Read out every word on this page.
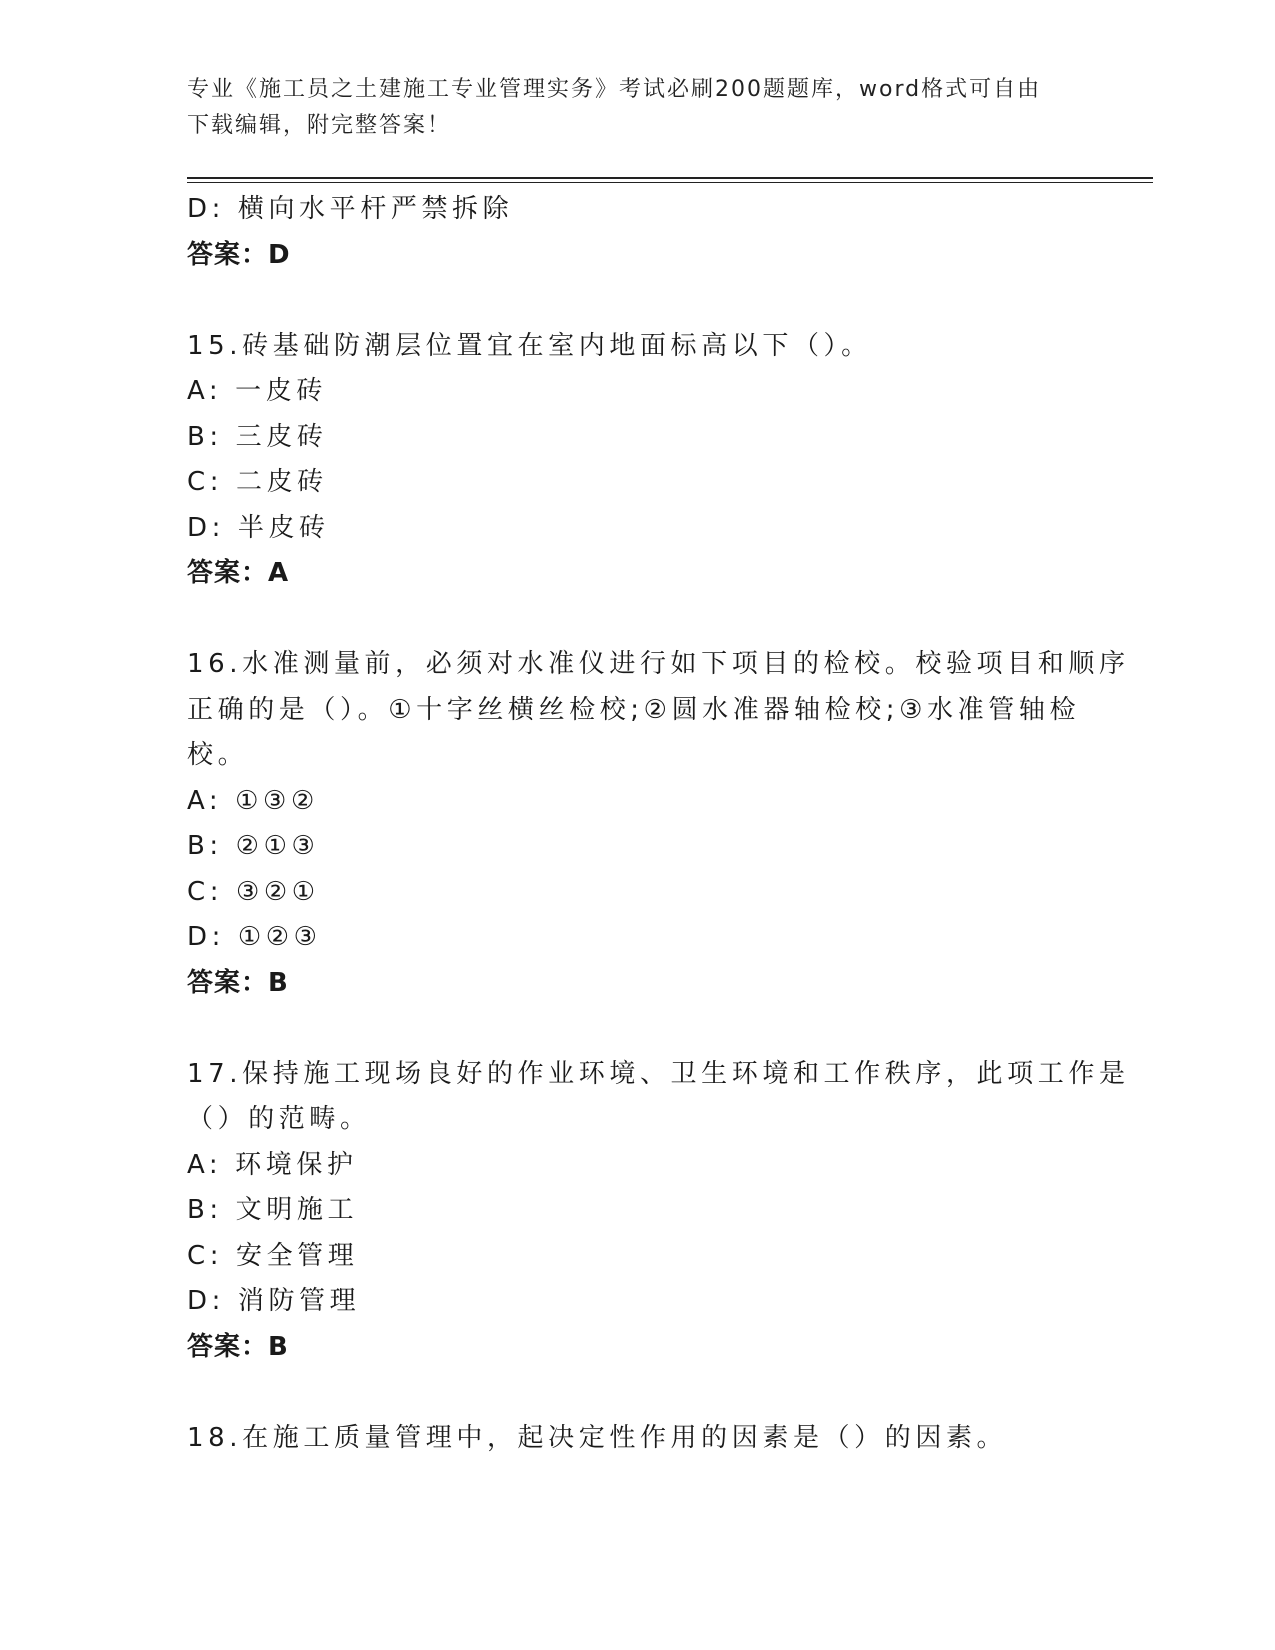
专业《施工员之土建施工专业管理实务》考试必刷200题题库，word格式可自由
下载编辑，附完整答案！
D: 横向水平杆严禁拆除
答案：D
15.砖基础防潮层位置宜在室内地面标高以下（）。
A: 一皮砖
B: 三皮砖
C: 二皮砖
D: 半皮砖
答案：A
16.水准测量前，必须对水准仪进行如下项目的检校。校验项目和顺序
正确的是（）。①十字丝横丝检校;②圆水准器轴检校;③水准管轴检
校。
A: ①③②
B: ②①③
C: ③②①
D: ①②③
答案：B
17.保持施工现场良好的作业环境、卫生环境和工作秩序，此项工作是
（）的范畴。
A: 环境保护
B: 文明施工
C: 安全管理
D: 消防管理
答案：B
18.在施工质量管理中，起决定性作用的因素是（）的因素。
